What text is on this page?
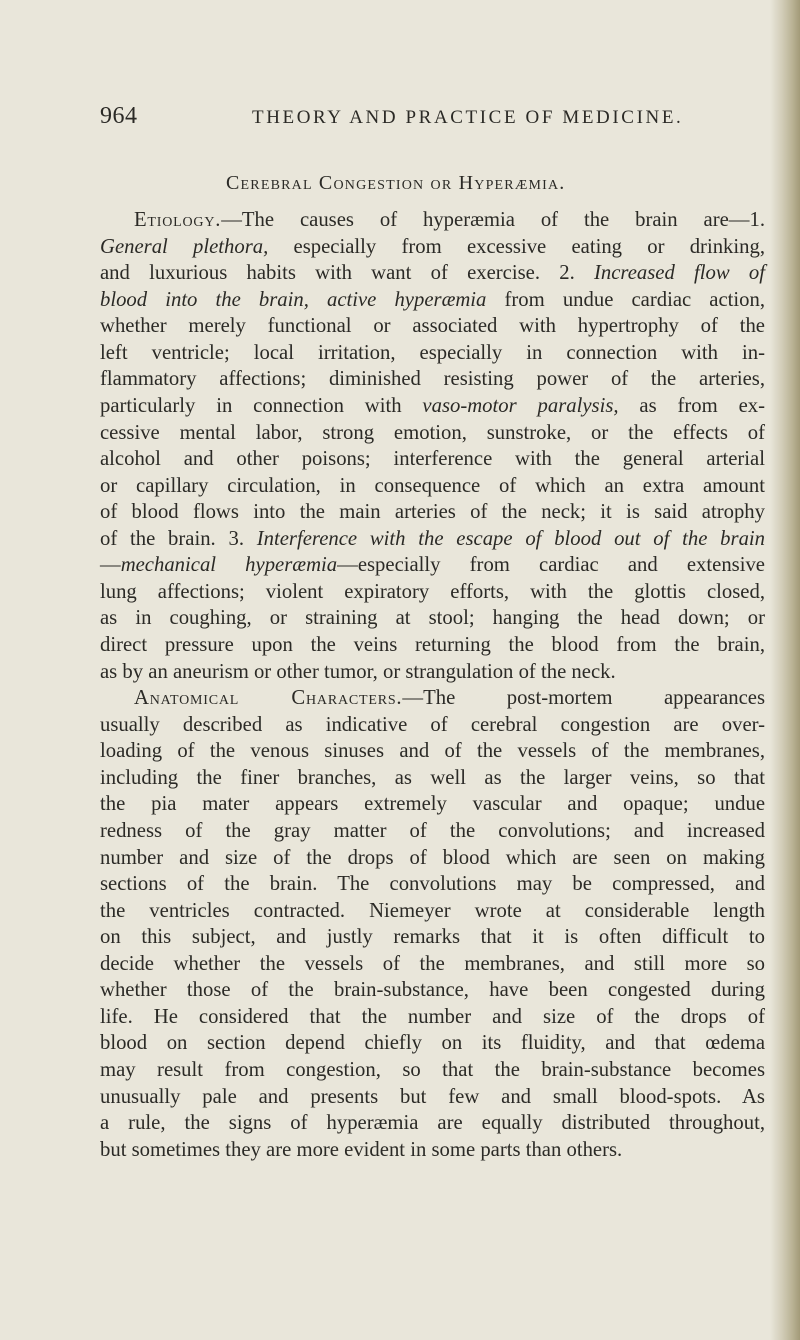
964	THEORY AND PRACTICE OF MEDICINE.
Cerebral Congestion or Hyperæmia.
Etiology.—The causes of hyperæmia of the brain are—1.
General plethora, especially from excessive eating or drinking,
and luxurious habits with want of exercise. 2. Increased flow of
blood into the brain, active hyperæmia from undue cardiac action,
whether merely functional or associated with hypertrophy of the
left ventricle; local irritation, especially in connection with in-
flammatory affections; diminished resisting power of the arteries,
particularly in connection with vaso-motor paralysis, as from ex-
cessive mental labor, strong emotion, sunstroke, or the effects of
alcohol and other poisons; interference with the general arterial
or capillary circulation, in consequence of which an extra amount
of blood flows into the main arteries of the neck; it is said atrophy
of the brain. 3. Interference with the escape of blood out of the brain
—mechanical hyperæmia—especially from cardiac and extensive
lung affections; violent expiratory efforts, with the glottis closed,
as in coughing, or straining at stool; hanging the head down; or
direct pressure upon the veins returning the blood from the brain,
as by an aneurism or other tumor, or strangulation of the neck.
Anatomical Characters.—The post-mortem appearances
usually described as indicative of cerebral congestion are over-
loading of the venous sinuses and of the vessels of the membranes,
including the finer branches, as well as the larger veins, so that
the pia mater appears extremely vascular and opaque; undue
redness of the gray matter of the convolutions; and increased
number and size of the drops of blood which are seen on making
sections of the brain. The convolutions may be compressed, and
the ventricles contracted. Niemeyer wrote at considerable length
on this subject, and justly remarks that it is often difficult to
decide whether the vessels of the membranes, and still more so
whether those of the brain-substance, have been congested during
life. He considered that the number and size of the drops of
blood on section depend chiefly on its fluidity, and that œdema
may result from congestion, so that the brain-substance becomes
unusually pale and presents but few and small blood-spots. As
a rule, the signs of hyperæmia are equally distributed throughout,
but sometimes they are more evident in some parts than others.
